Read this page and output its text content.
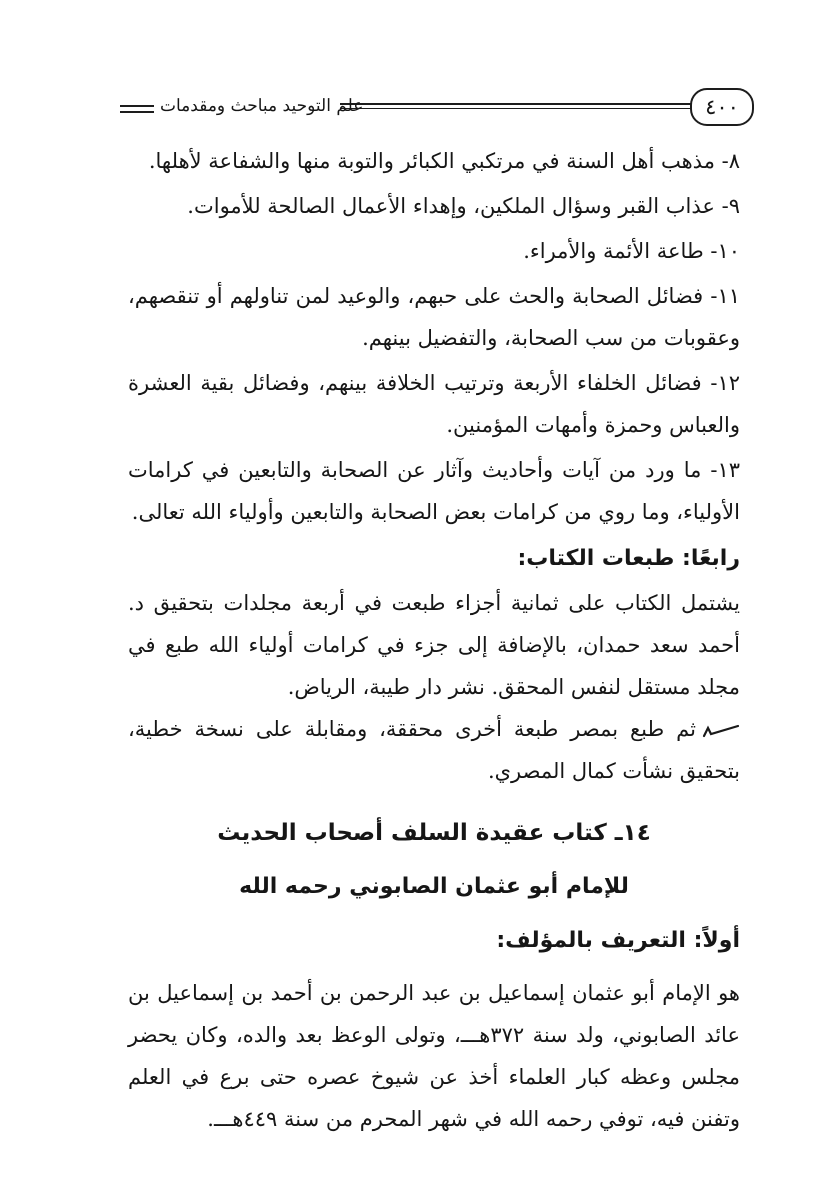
٤٠٠
علم التوحيد مباحث ومقدمات

٨- مذهب أهل السنة في مرتكبي الكبائر والتوبة منها والشفاعة لأهلها.

٩- عذاب القبر وسؤال الملكين، وإهداء الأعمال الصالحة للأموات.

١٠- طاعة الأئمة والأمراء.

١١- فضائل الصحابة والحث على حبهم، والوعيد لمن تناولهم أو تنقصهم، وعقوبات من سب الصحابة، والتفضيل بينهم.

١٢- فضائل الخلفاء الأربعة وترتيب الخلافة بينهم، وفضائل بقية العشرة والعباس وحمزة وأمهات المؤمنين.

١٣- ما ورد من آيات وأحاديث وآثار عن الصحابة والتابعين في كرامات الأولياء، وما روي من كرامات بعض الصحابة والتابعين وأولياء الله تعالى.

رابعًا: طبعات الكتاب:

يشتمل الكتاب على ثمانية أجزاء طبعت في أربعة مجلدات بتحقيق د. أحمد سعد حمدان، بالإضافة إلى جزء في كرامات أولياء الله طبع في مجلد مستقل لنفس المحقق. نشر دار طيبة، الرياض.

ثم طبع بمصر طبعة أخرى محققة، ومقابلة على نسخة خطية، بتحقيق نشأت كمال المصري.

١٤ـ كتاب عقيدة السلف أصحاب الحديث

للإمام أبو عثمان الصابوني رحمه الله

أولاً: التعريف بالمؤلف:

هو الإمام أبو عثمان إسماعيل بن عبد الرحمن بن أحمد بن إسماعيل بن عائد الصابوني، ولد سنة ٣٧٢هـــ، وتولى الوعظ بعد والده، وكان يحضر مجلس وعظه كبار العلماء أخذ عن شيوخ عصره حتى برع في العلم وتفنن فيه، توفي رحمه الله في شهر المحرم من سنة ٤٤٩هـــ.
